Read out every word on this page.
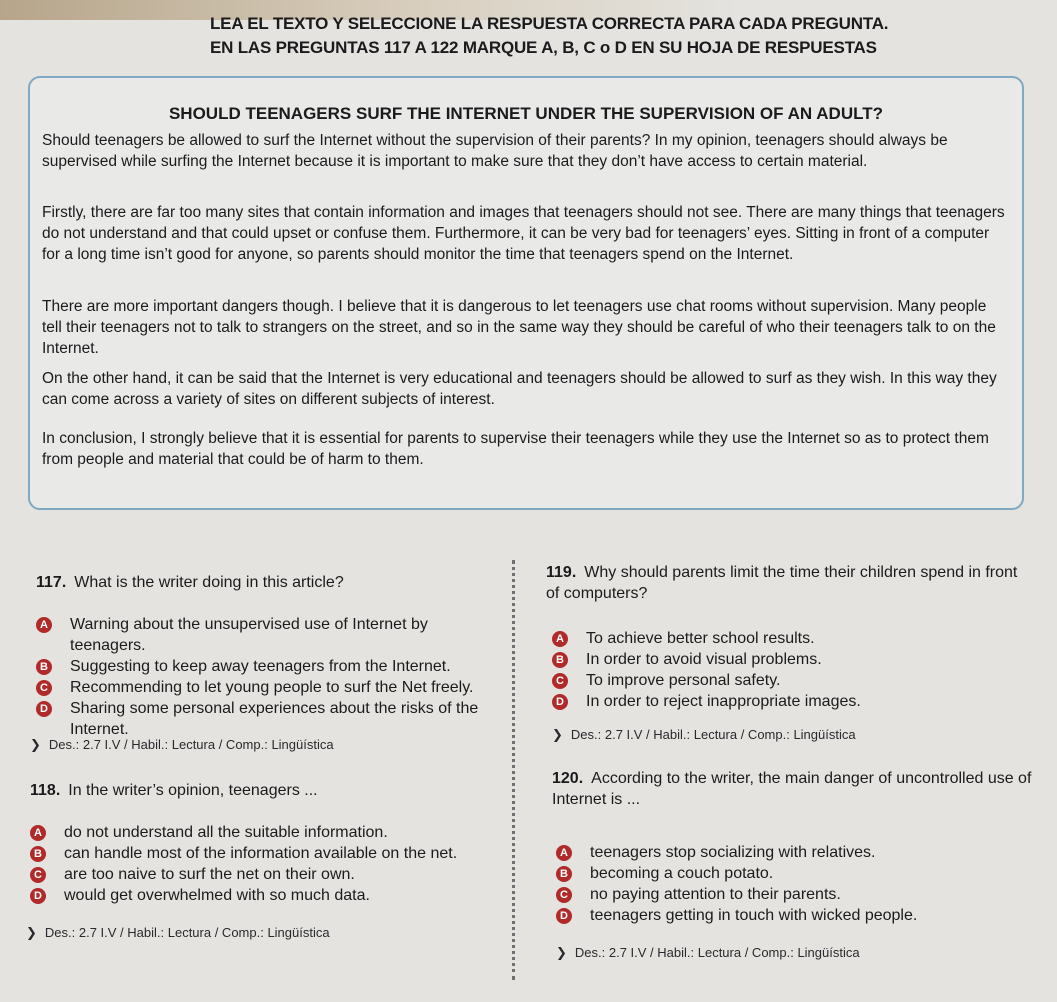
LEA EL TEXTO Y SELECCIONE LA RESPUESTA CORRECTA PARA CADA PREGUNTA.
EN LAS PREGUNTAS 117 A 122 MARQUE A, B, C o D EN SU HOJA DE RESPUESTAS
SHOULD TEENAGERS SURF THE INTERNET UNDER THE SUPERVISION OF AN ADULT?
Should teenagers be allowed to surf the Internet without the supervision of their parents? In my opinion, teenagers should always be supervised while surfing the Internet because it is important to make sure that they don’t have access to certain material.
Firstly, there are far too many sites that contain information and images that teenagers should not see. There are many things that teenagers do not understand and that could upset or confuse them. Furthermore, it can be very bad for teenagers’ eyes. Sitting in front of a computer for a long time isn’t good for anyone, so parents should monitor the time that teenagers spend on the Internet.
There are more important dangers though. I believe that it is dangerous to let teenagers use chat rooms without supervision. Many people tell their teenagers not to talk to strangers on the street, and so in the same way they should be careful of who their teenagers talk to on the Internet.
On the other hand, it can be said that the Internet is very educational and teenagers should be allowed to surf as they wish. In this way they can come across a variety of sites on different subjects of interest.
In conclusion, I strongly believe that it is essential for parents to supervise their teenagers while they use the Internet so as to protect them from people and material that could be of harm to them.
117. What is the writer doing in this article?
A Warning about the unsupervised use of Internet by teenagers.
B Suggesting to keep away teenagers from the Internet.
C Recommending to let young people to surf the Net freely.
D Sharing some personal experiences about the risks of the Internet.
❯ Des.: 2.7 I.V / Habil.: Lectura / Comp.: Lingüística
118. In the writer’s opinion, teenagers ...
A do not understand all the suitable information.
B can handle most of the information available on the net.
C are too naive to surf the net on their own.
D would get overwhelmed with so much data.
❯ Des.: 2.7 I.V / Habil.: Lectura / Comp.: Lingüística
119. Why should parents limit the time their children spend in front of computers?
A To achieve better school results.
B In order to avoid visual problems.
C To improve personal safety.
D In order to reject inappropriate images.
❯ Des.: 2.7 I.V / Habil.: Lectura / Comp.: Lingüística
120. According to the writer, the main danger of uncontrolled use of Internet is ...
A teenagers stop socializing with relatives.
B becoming a couch potato.
C no paying attention to their parents.
D teenagers getting in touch with wicked people.
❯ Des.: 2.7 I.V / Habil.: Lectura / Comp.: Lingüística
